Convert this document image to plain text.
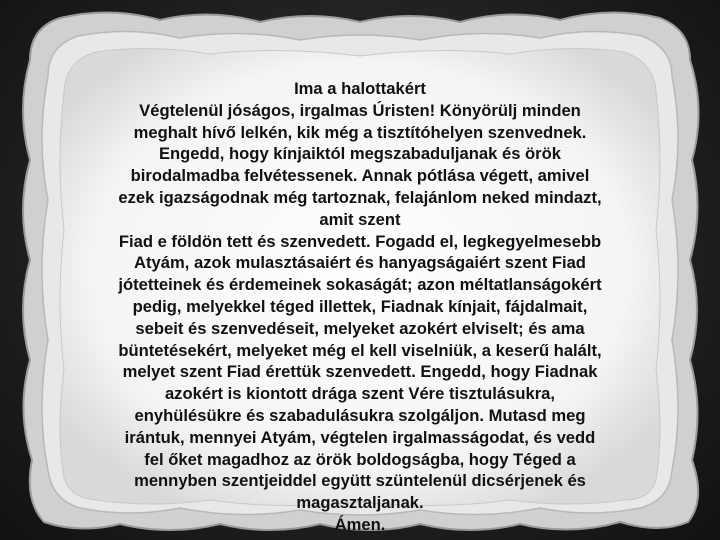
Ima a halottakért

Végtelenül jóságos, irgalmas Úristen! Könyörülj minden

meghalt hívő lelkén, kik még a tisztítóhelyen szenvednek.

Engedd, hogy kínjaiktól megszabaduljanak és örök

birodalmadba felvétessenek. Annak pótlása végett, amivel

ezek igazságodnak még tartoznak, felajánlom neked mindazt,

amit szent

Fiad e földön tett és szenvedett. Fogadd el, legkegyelmesebb

Atyám, azok mulasztásaiért és hanyagságaiért szent Fiad

jótetteinek és érdemeinek sokaságát; azon méltatlanságokért

pedig, melyekkel téged illettek, Fiadnak kínjait, fájdalmait,

sebeit és szenvedéseit, melyeket azokért elviselt; és ama

büntetésekért, melyeket még el kell viselniük, a keserű halált,

melyet szent Fiad érettük szenvedett. Engedd, hogy Fiadnak

azokért is kiontott drága szent Vére tisztulásukra,

enyhülésükre és szabadulásukra szolgáljon. Mutasd meg

irántuk, mennyei Atyám, végtelen irgalmasságodat, és vedd

fel őket magadhoz az örök boldogságba, hogy Téged a

mennyben szentjeiddel együtt szüntelenül dicsérjenek és

magasztaljanak.

Ámen.
